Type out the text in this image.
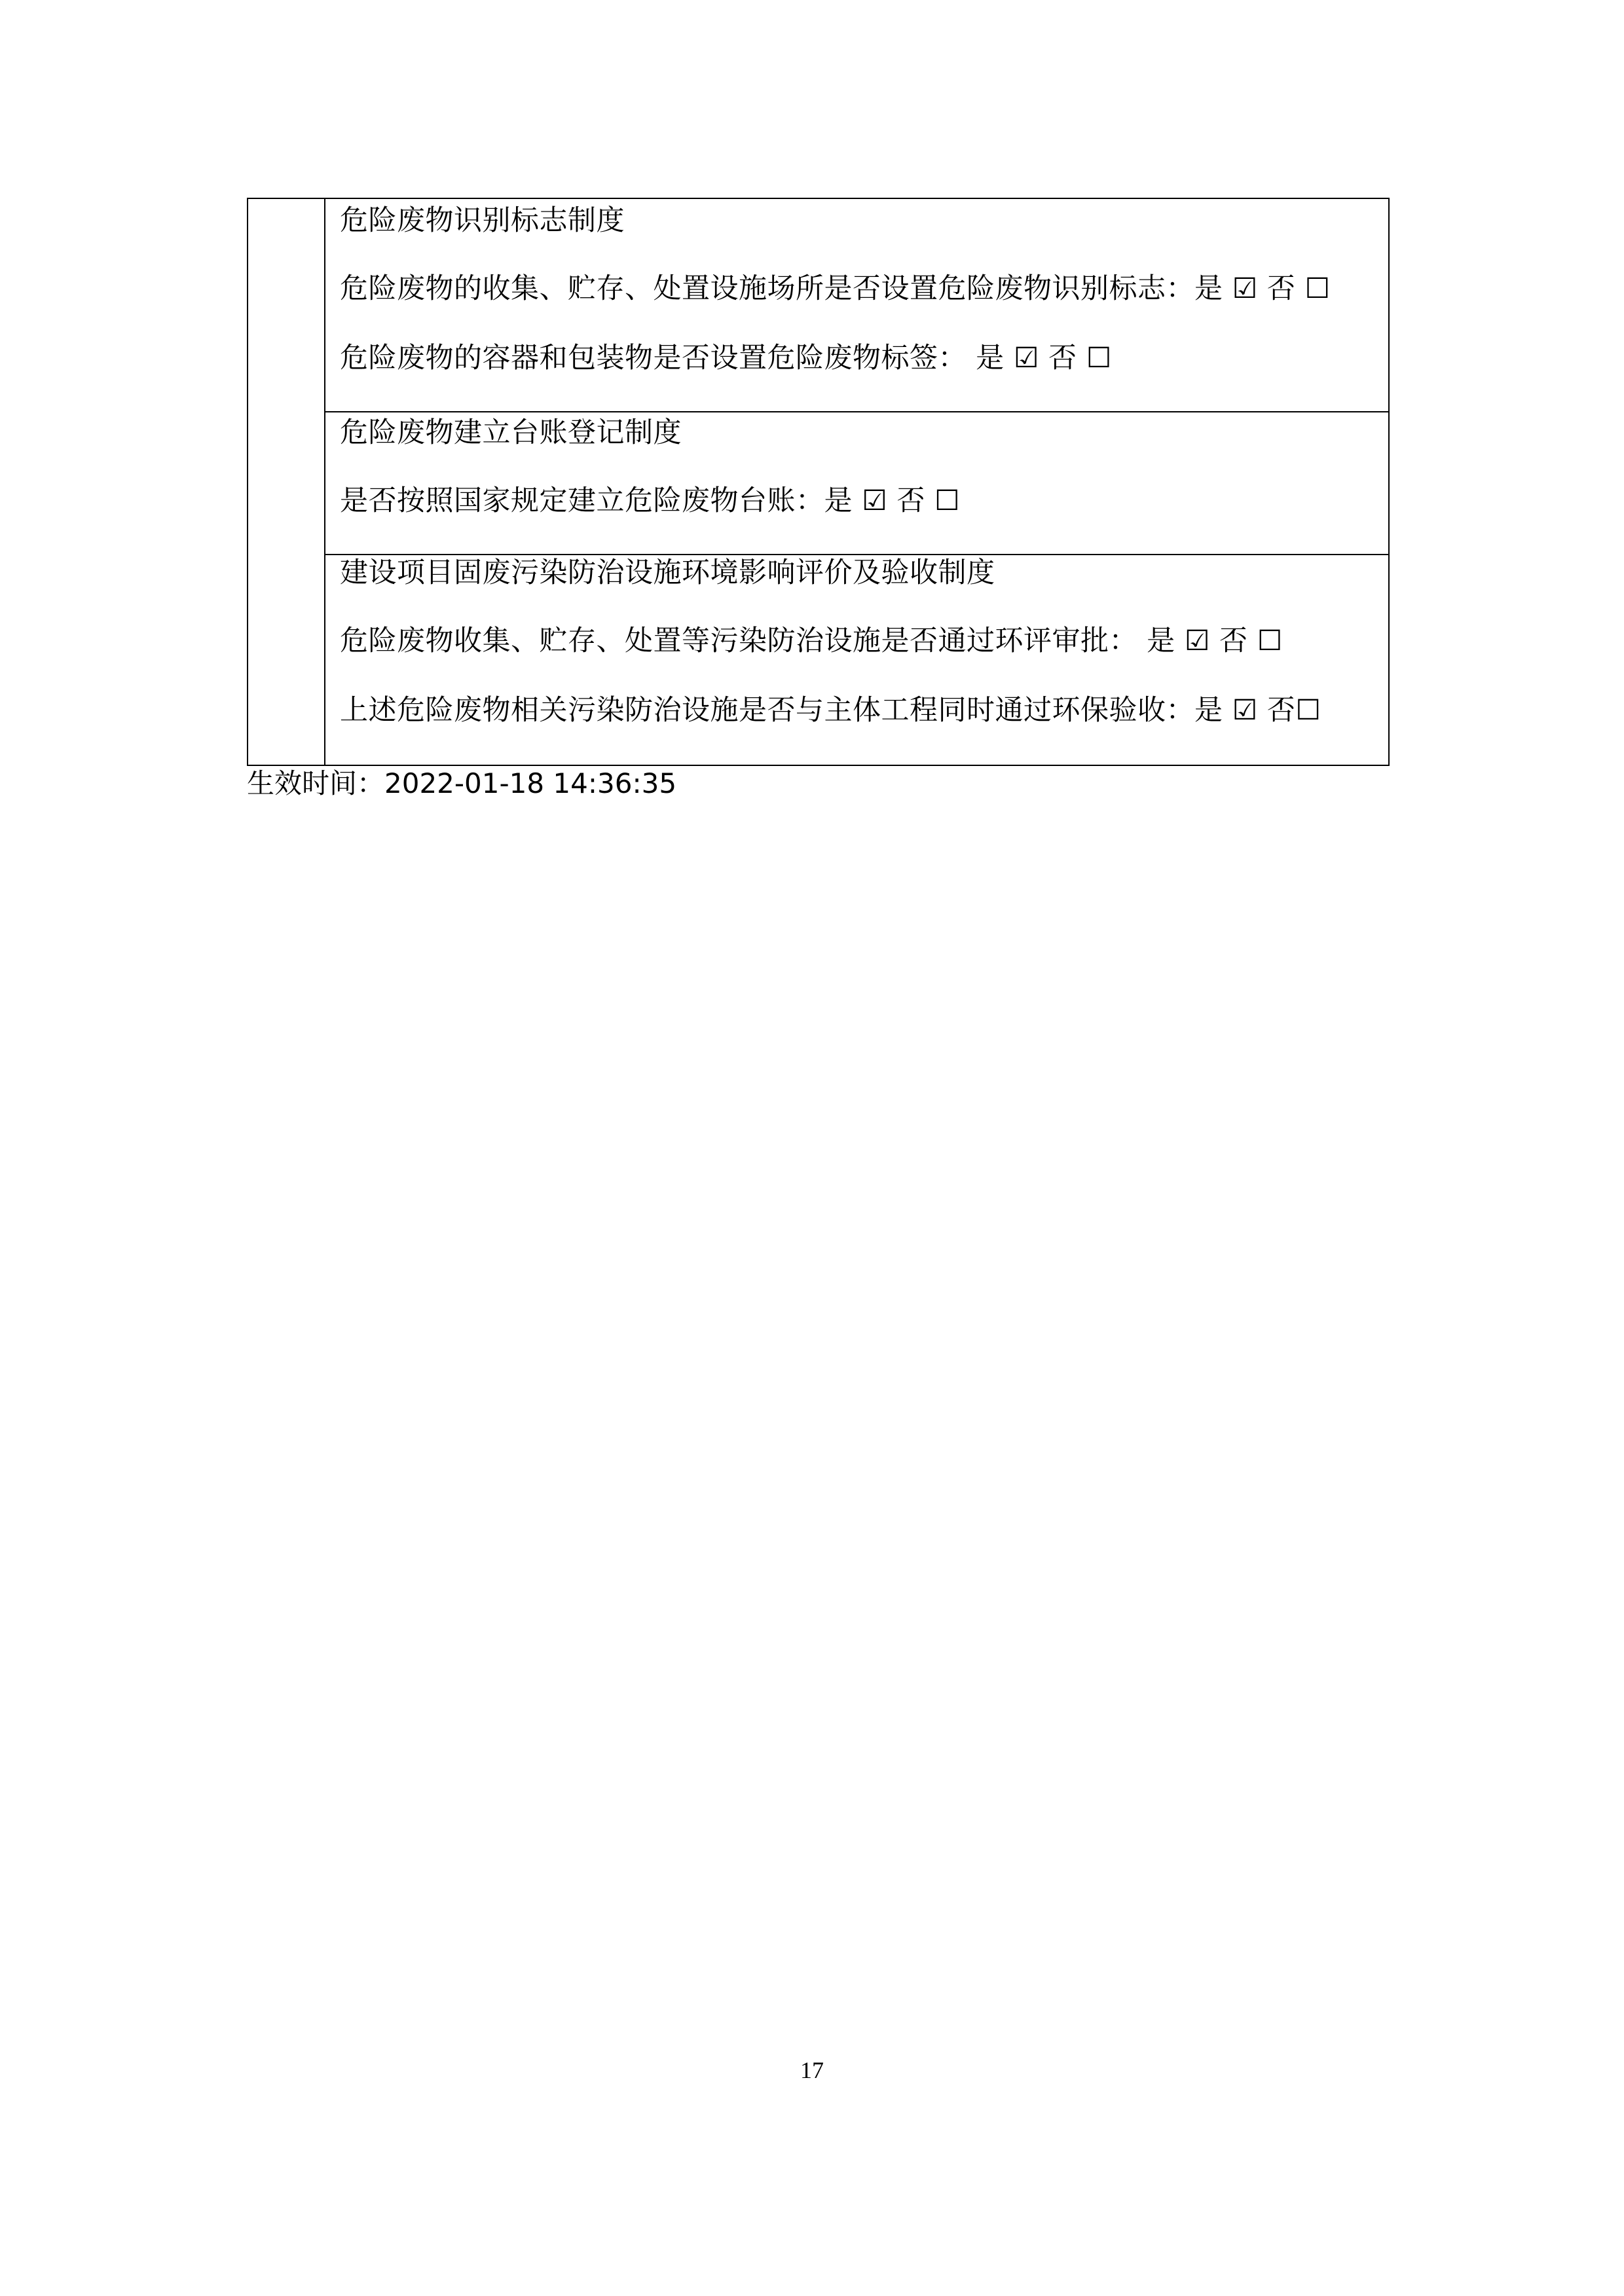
危险废物识别标志制度
危险废物的收集、贮存、处置设施场所是否设置危险废物识别标志：是 ☑ 否 ☐
危险废物的容器和包装物是否设置危险废物标签： 是 ☑ 否 ☐
危险废物建立台账登记制度
是否按照国家规定建立危险废物台账：是 ☑ 否 ☐
建设项目固废污染防治设施环境影响评价及验收制度
危险废物收集、贮存、处置等污染防治设施是否通过环评审批： 是 ☑ 否 ☐
上述危险废物相关污染防治设施是否与主体工程同时通过环保验收：是 ☑ 否☐
生效时间：2022-01-18 14:36:35
17
